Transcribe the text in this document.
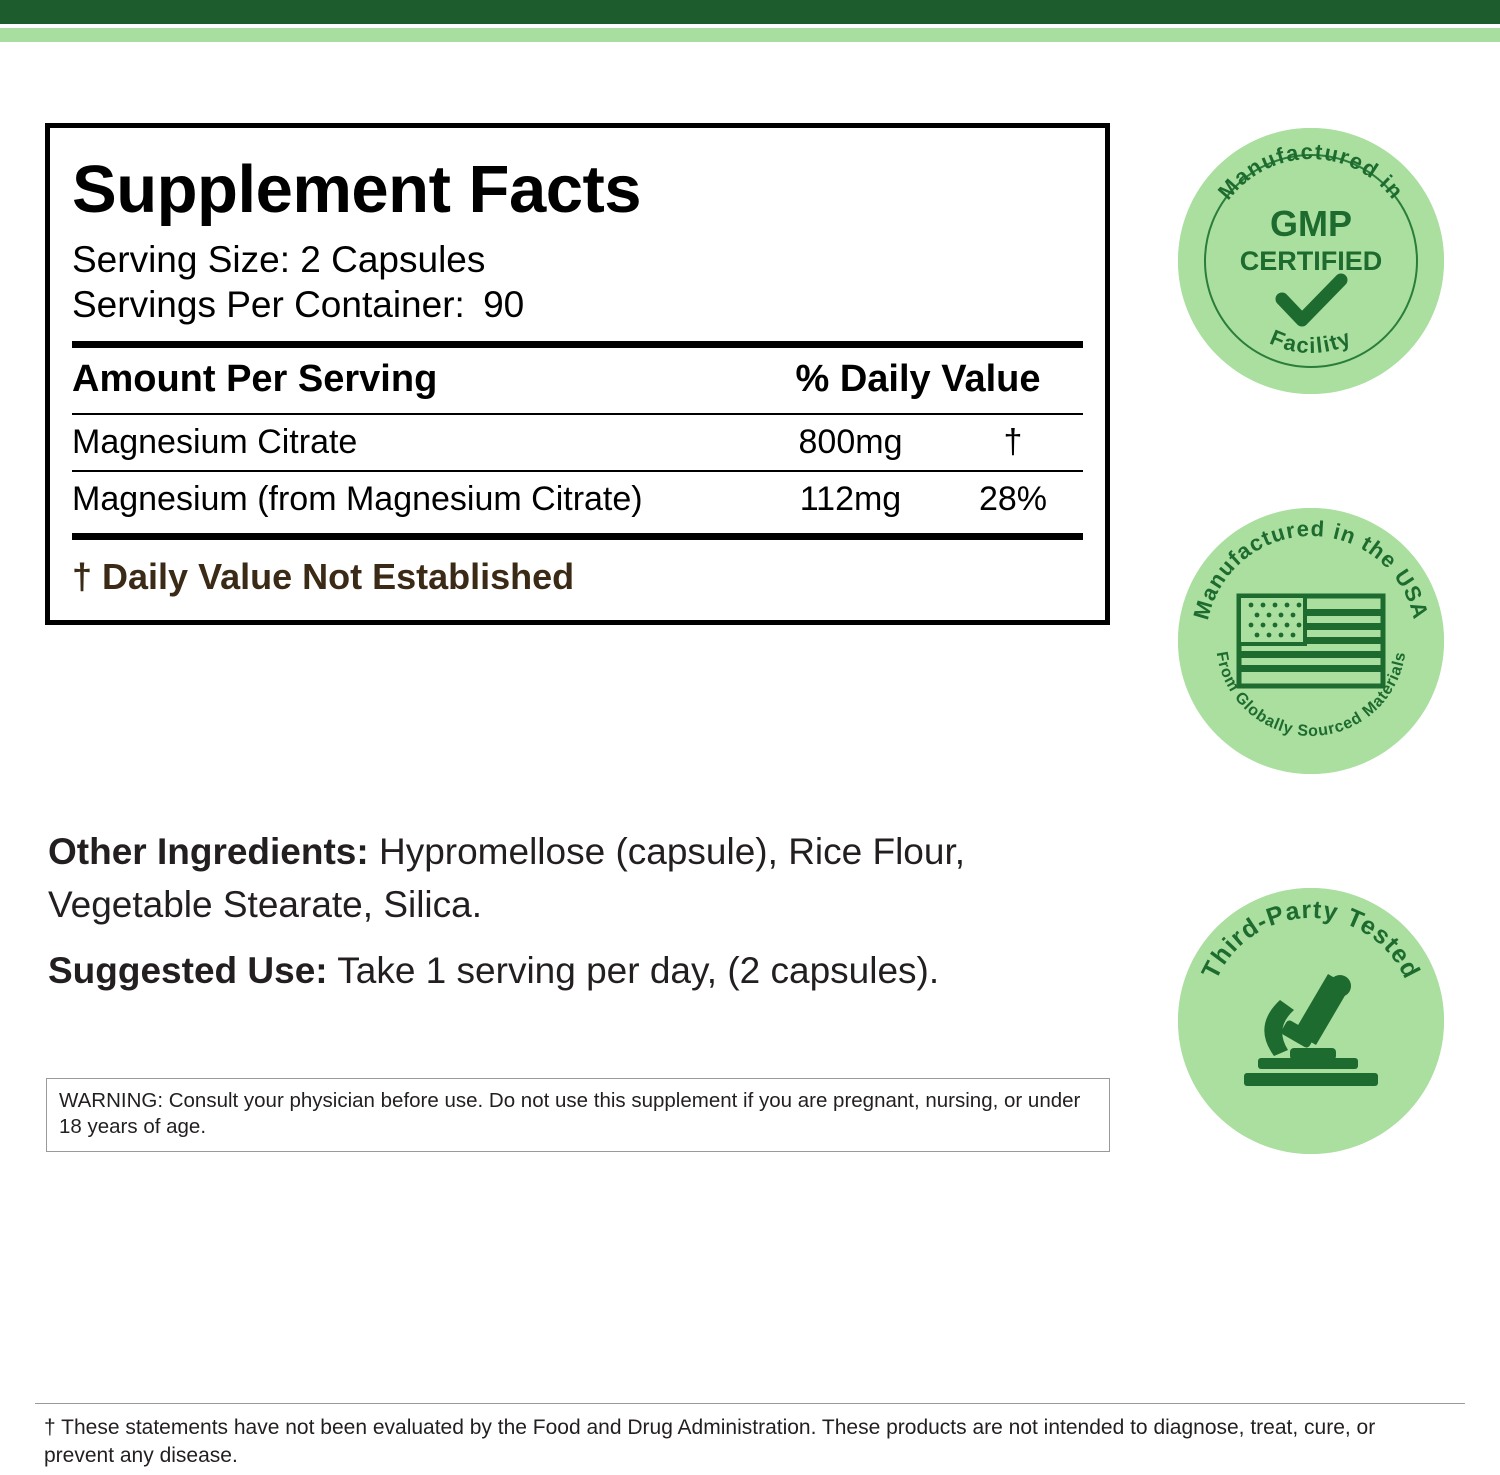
Supplement Facts
Serving Size: 2 Capsules
Servings Per Container: 90
Amount Per Serving	% Daily Value
Magnesium Citrate	800mg	†
Magnesium (from Magnesium Citrate)	112mg	28%
† Daily Value Not Established
Other Ingredients: Hypromellose (capsule), Rice Flour, Vegetable Stearate, Silica.
Suggested Use: Take 1 serving per day, (2 capsules).
WARNING: Consult your physician before use. Do not use this supplement if you are pregnant, nursing, or under 18 years of age.
† These statements have not been evaluated by the Food and Drug Administration. These products are not intended to diagnose, treat, cure, or prevent any disease.
Manufactured in
Facility
GMP
CERTIFIED
Manufactured in the USA
From Globally Sourced Materials
Third-Party Tested
